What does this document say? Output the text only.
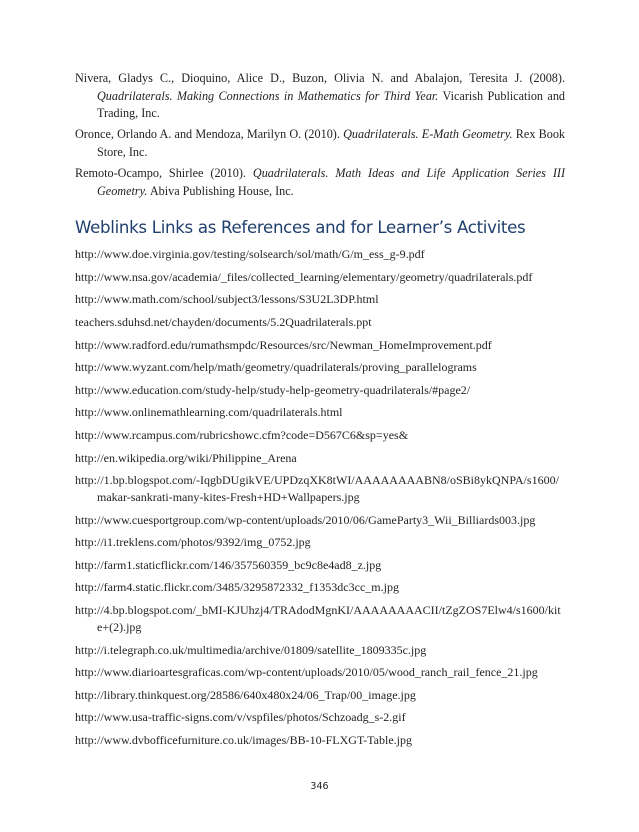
Nivera, Gladys C., Dioquino, Alice D., Buzon, Olivia N. and Abalajon, Teresita J. (2008). Quadrilaterals. Making Connections in Mathematics for Third Year. Vicarish Publication and Trading, Inc.

Oronce, Orlando A. and Mendoza, Marilyn O. (2010). Quadrilaterals. E-Math Geometry. Rex Book Store, Inc.

Remoto-Ocampo, Shirlee (2010). Quadrilaterals. Math Ideas and Life Application Series III Geometry. Abiva Publishing House, Inc.

Weblinks Links as References and for Learner’s Activites
http://www.doe.virginia.gov/testing/solsearch/sol/math/G/m_ess_g-9.pdf
http://www.nsa.gov/academia/_files/collected_learning/elementary/geometry/quadrilaterals.pdf
http://www.math.com/school/subject3/lessons/S3U2L3DP.html
teachers.sduhsd.net/chayden/documents/5.2Quadrilaterals.ppt
http://www.radford.edu/rumathsmpdc/Resources/src/Newman_HomeImprovement.pdf
http://www.wyzant.com/help/math/geometry/quadrilaterals/proving_parallelograms
http://www.education.com/study-help/study-help-geometry-quadrilaterals/#page2/
http://www.onlinemathlearning.com/quadrilaterals.html
http://www.rcampus.com/rubricshowc.cfm?code=D567C6&sp=yes&
http://en.wikipedia.org/wiki/Philippine_Arena
http://1.bp.blogspot.com/-IqgbDUgikVE/UPDzqXK8tWI/AAAAAAAABN8/oSBi8ykQNPA/s1600/makar-sankrati-many-kites-Fresh+HD+Wallpapers.jpg
http://www.cuesportgroup.com/wp-content/uploads/2010/06/GameParty3_Wii_Billiards003.jpg
http://i1.treklens.com/photos/9392/img_0752.jpg
http://farm1.staticflickr.com/146/357560359_bc9c8e4ad8_z.jpg
http://farm4.static.flickr.com/3485/3295872332_f1353dc3cc_m.jpg
http://4.bp.blogspot.com/_bMI-KJUhzj4/TRAdodMgnKI/AAAAAAAACII/tZgZOS7Elw4/s1600/kite+(2).jpg
http://i.telegraph.co.uk/multimedia/archive/01809/satellite_1809335c.jpg
http://www.diarioartesgraficas.com/wp-content/uploads/2010/05/wood_ranch_rail_fence_21.jpg
http://library.thinkquest.org/28586/640x480x24/06_Trap/00_image.jpg
http://www.usa-traffic-signs.com/v/vspfiles/photos/Schzoadg_s-2.gif
http://www.dvbofficefurniture.co.uk/images/BB-10-FLXGT-Table.jpg
346
